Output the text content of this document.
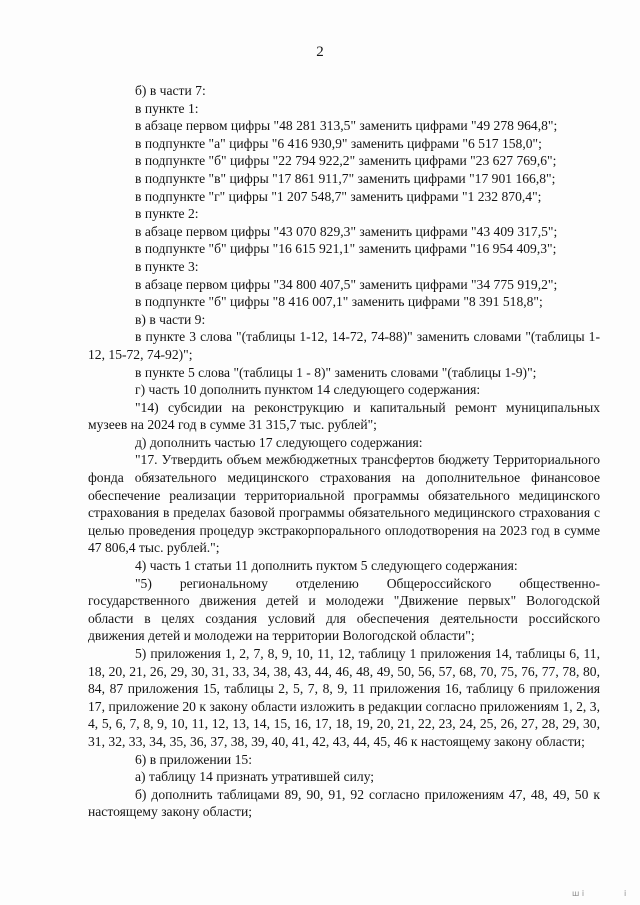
2

б) в части 7:

в пункте 1:

в абзаце первом цифры "48 281 313,5" заменить цифрами "49 278 964,8";

в подпункте "а" цифры "6 416 930,9" заменить цифрами "6 517 158,0";

в подпункте "б" цифры "22 794 922,2" заменить цифрами "23 627 769,6";

в подпункте "в" цифры "17 861 911,7" заменить цифрами "17 901 166,8";

в подпункте "г" цифры "1 207 548,7" заменить цифрами "1 232 870,4";

в пункте 2:

в абзаце первом цифры "43 070 829,3" заменить цифрами "43 409 317,5";

в подпункте "б" цифры "16 615 921,1" заменить цифрами "16 954 409,3";

в пункте 3:

в абзаце первом цифры "34 800 407,5" заменить цифрами "34 775 919,2";

в подпункте "б" цифры "8 416 007,1" заменить цифрами "8 391 518,8";

в) в части 9:

в пункте 3 слова "(таблицы 1-12, 14-72, 74-88)" заменить словами "(таблицы 1-12, 15-72, 74-92)";

в пункте 5 слова "(таблицы 1 - 8)" заменить словами "(таблицы 1-9)";

г) часть 10 дополнить пунктом 14 следующего содержания:

"14) субсидии на реконструкцию и капитальный ремонт муниципальных музеев на 2024 год в сумме 31 315,7 тыс. рублей";

д) дополнить частью 17 следующего содержания:

"17. Утвердить объем межбюджетных трансфертов бюджету Территориального фонда обязательного медицинского страхования на дополнительное финансовое обеспечение реализации территориальной программы обязательного медицинского страхования в пределах базовой программы обязательного медицинского страхования с целью проведения процедур экстракорпорального оплодотворения на 2023 год в сумме 47 806,4 тыс. рублей.";

4) часть 1 статьи 11 дополнить пуктом 5 следующего содержания:

"5) региональному отделению Общероссийского общественно-государственного движения детей и молодежи "Движение первых" Вологодской области в целях создания условий для обеспечения деятельности российского движения детей и молодежи на территории Вологодской области";

5) приложения 1, 2, 7, 8, 9, 10, 11, 12, таблицу 1 приложения 14, таблицы 6, 11, 18, 20, 21, 26, 29, 30, 31, 33, 34, 38, 43, 44, 46, 48, 49, 50, 56, 57, 68, 70, 75, 76, 77, 78, 80, 84, 87 приложения 15, таблицы 2, 5, 7, 8, 9, 11 приложения 16, таблицу 6 приложения 17, приложение 20 к закону области изложить в редакции согласно приложениям 1, 2, 3, 4, 5, 6, 7, 8, 9, 10, 11, 12, 13, 14, 15, 16, 17, 18, 19, 20, 21, 22, 23, 24, 25, 26, 27, 28, 29, 30, 31, 32, 33, 34, 35, 36, 37, 38, 39, 40, 41, 42, 43, 44, 45, 46 к настоящему закону области;

6) в приложении 15:

а) таблицу 14 признать утратившей силу;

б) дополнить таблицами 89, 90, 91, 92 согласно приложениям 47, 48, 49, 50 к настоящему закону области;

ш і	і
